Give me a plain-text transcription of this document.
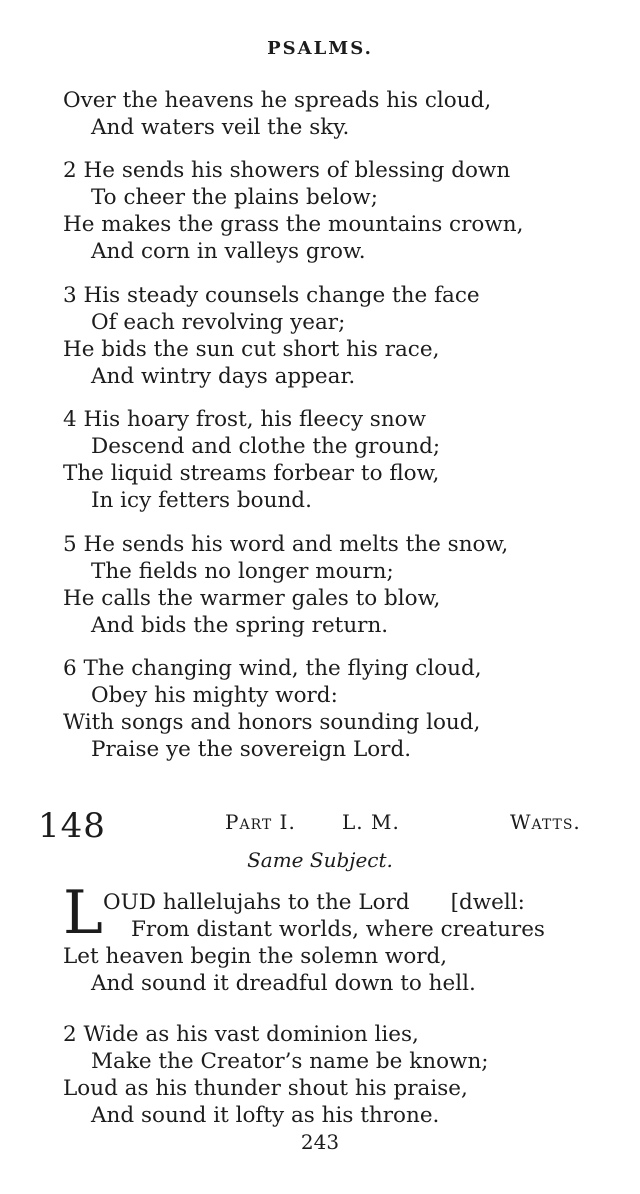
PSALMS.
Over the heavens he spreads his cloud,
And waters veil the sky.
2 He sends his showers of blessing down
To cheer the plains below;
He makes the grass the mountains crown,
And corn in valleys grow.
3 His steady counsels change the face
Of each revolving year;
He bids the sun cut short his race,
And wintry days appear.
4 His hoary frost, his fleecy snow
Descend and clothe the ground;
The liquid streams forbear to flow,
In icy fetters bound.
5 He sends his word and melts the snow,
The fields no longer mourn;
He calls the warmer gales to blow,
And bids the spring return.
6 The changing wind, the flying cloud,
Obey his mighty word:
With songs and honors sounding loud,
Praise ye the sovereign Lord.
148	Part I. L. M.	Watts.
Same Subject.
L OUD hallelujahs to the Lord      [dwell:
From distant worlds, where creatures
Let heaven begin the solemn word,
And sound it dreadful down to hell.
2 Wide as his vast dominion lies,
Make the Creator’s name be known;
Loud as his thunder shout his praise,
And sound it lofty as his throne.
243
